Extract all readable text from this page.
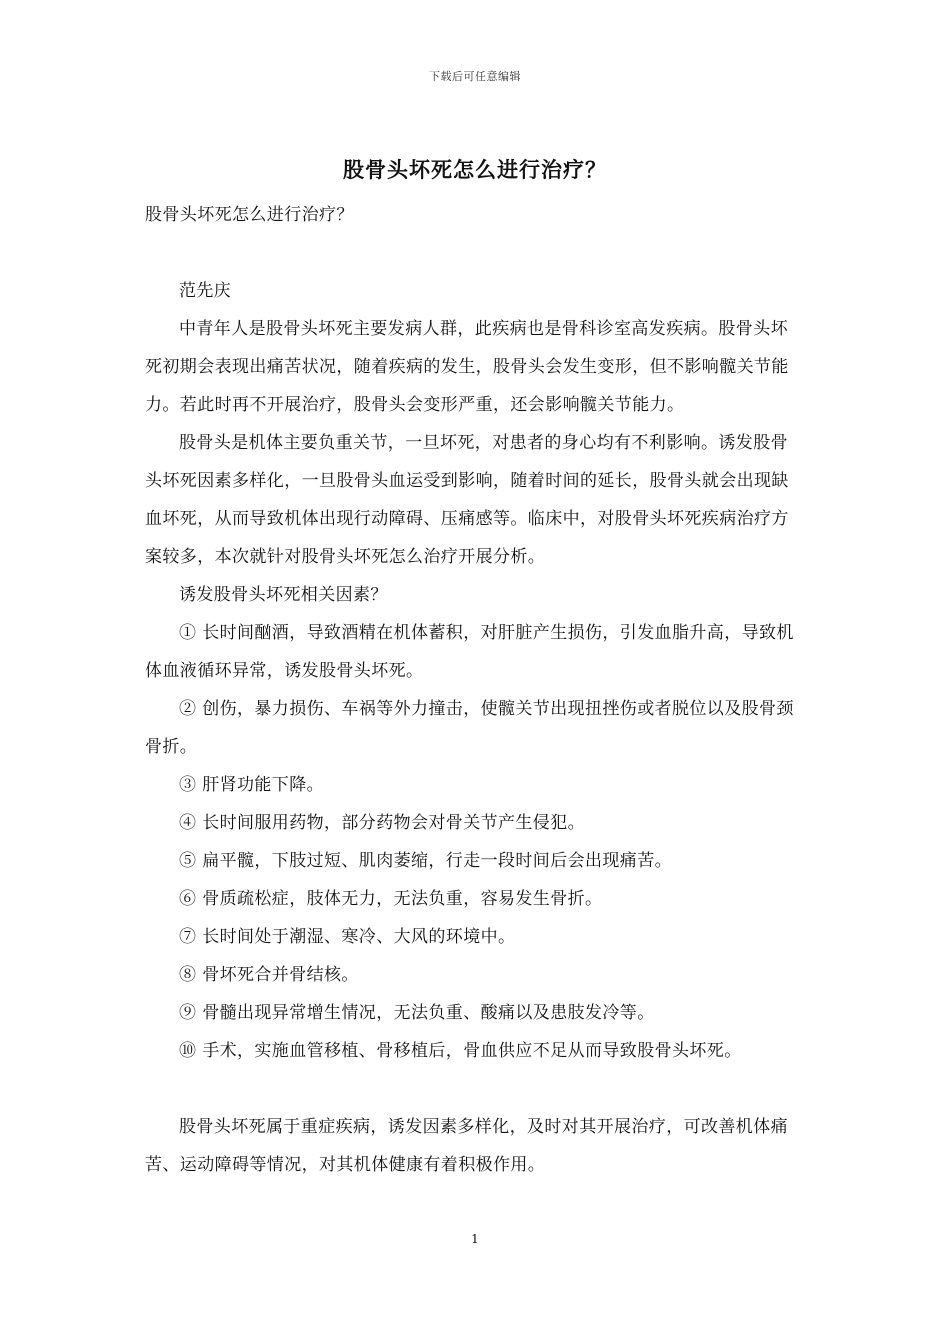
下载后可任意编辑
股骨头坏死怎么进行治疗？

股骨头坏死怎么进行治疗？

范先庆

中青年人是股骨头坏死主要发病人群，此疾病也是骨科诊室高发疾病。股骨头坏死初期会表现出痛苦状况，随着疾病的发生，股骨头会发生变形，但不影响髋关节能力。若此时再不开展治疗，股骨头会变形严重，还会影响髋关节能力。

股骨头是机体主要负重关节，一旦坏死，对患者的身心均有不利影响。诱发股骨头坏死因素多样化，一旦股骨头血运受到影响，随着时间的延长，股骨头就会出现缺血坏死，从而导致机体出现行动障碍、压痛感等。临床中，对股骨头坏死疾病治疗方案较多，本次就针对股骨头坏死怎么治疗开展分析。

诱发股骨头坏死相关因素？

① 长时间酗酒，导致酒精在机体蓄积，对肝脏产生损伤，引发血脂升高，导致机体血液循环异常，诱发股骨头坏死。

② 创伤，暴力损伤、车祸等外力撞击，使髋关节出现扭挫伤或者脱位以及股骨颈骨折。

③ 肝肾功能下降。

④ 长时间服用药物，部分药物会对骨关节产生侵犯。

⑤ 扁平髋，下肢过短、肌肉萎缩，行走一段时间后会出现痛苦。

⑥ 骨质疏松症，肢体无力，无法负重，容易发生骨折。

⑦ 长时间处于潮湿、寒冷、大风的环境中。

⑧ 骨坏死合并骨结核。

⑨ 骨髓出现异常增生情况，无法负重、酸痛以及患肢发冷等。

⑩ 手术，实施血管移植、骨移植后，骨血供应不足从而导致股骨头坏死。

股骨头坏死属于重症疾病，诱发因素多样化，及时对其开展治疗，可改善机体痛苦、运动障碍等情况，对其机体健康有着积极作用。

1
